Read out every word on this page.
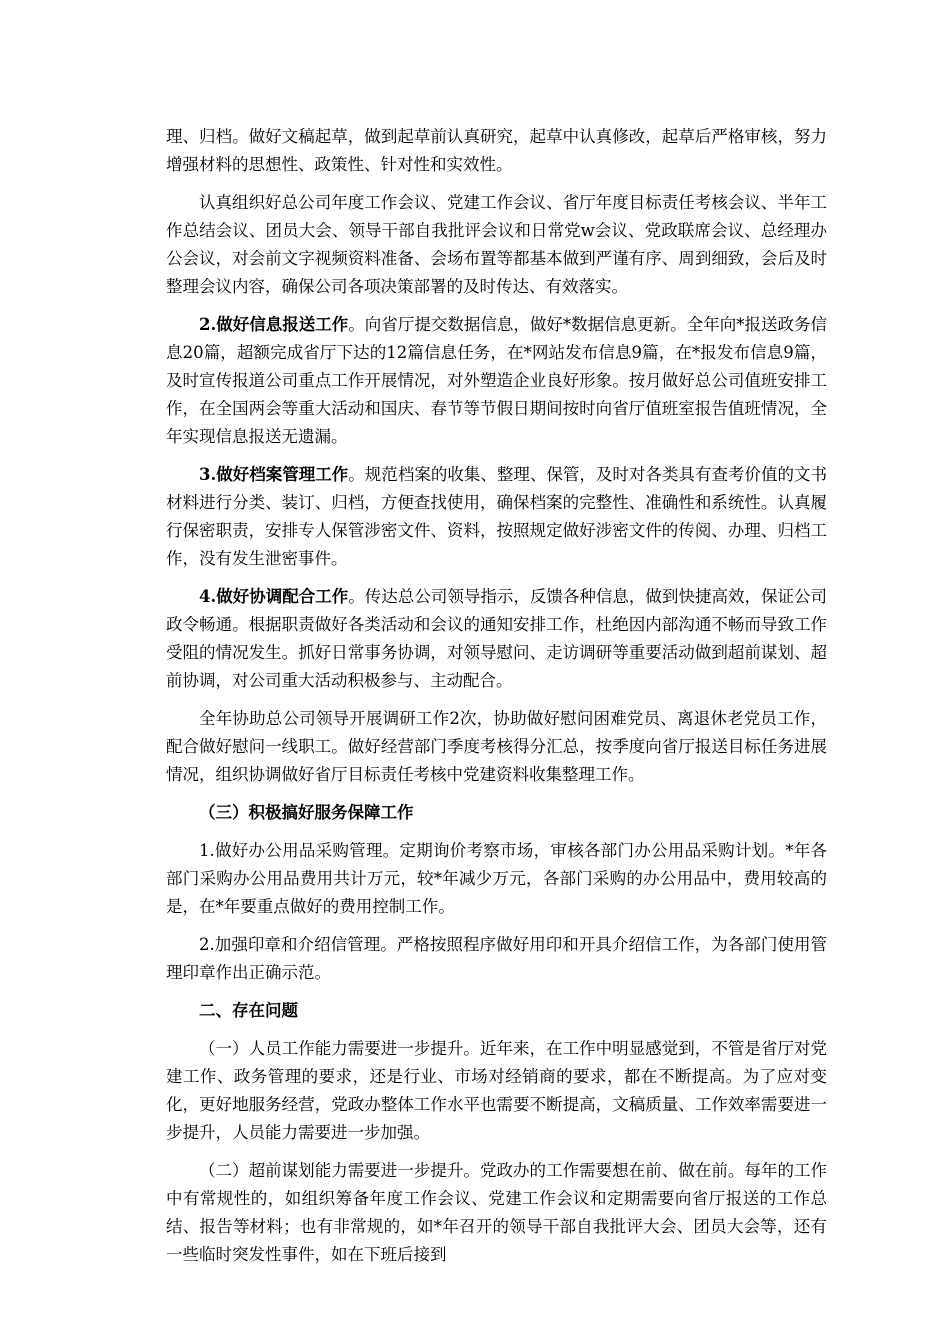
理、归档。做好文稿起草，做到起草前认真研究，起草中认真修改，起草后严格审核，努力增强材料的思想性、政策性、针对性和实效性。

认真组织好总公司年度工作会议、党建工作会议、省厅年度目标责任考核会议、半年工作总结会议、团员大会、领导干部自我批评会议和日常党w会议、党政联席会议、总经理办公会议，对会前文字视频资料准备、会场布置等都基本做到严谨有序、周到细致，会后及时整理会议内容，确保公司各项决策部署的及时传达、有效落实。

2.做好信息报送工作。向省厅提交数据信息，做好*数据信息更新。全年向*报送政务信息20篇，超额完成省厅下达的12篇信息任务，在*网站发布信息9篇，在*报发布信息9篇，及时宣传报道公司重点工作开展情况，对外塑造企业良好形象。按月做好总公司值班安排工作，在全国两会等重大活动和国庆、春节等节假日期间按时向省厅值班室报告值班情况，全年实现信息报送无遗漏。

3.做好档案管理工作。规范档案的收集、整理、保管，及时对各类具有查考价值的文书材料进行分类、装订、归档，方便查找使用，确保档案的完整性、准确性和系统性。认真履行保密职责，安排专人保管涉密文件、资料，按照规定做好涉密文件的传阅、办理、归档工作，没有发生泄密事件。

4.做好协调配合工作。传达总公司领导指示，反馈各种信息，做到快捷高效，保证公司政令畅通。根据职责做好各类活动和会议的通知安排工作，杜绝因内部沟通不畅而导致工作受阻的情况发生。抓好日常事务协调，对领导慰问、走访调研等重要活动做到超前谋划、超前协调，对公司重大活动积极参与、主动配合。

全年协助总公司领导开展调研工作2次，协助做好慰问困难党员、离退休老党员工作，配合做好慰问一线职工。做好经营部门季度考核得分汇总，按季度向省厅报送目标任务进展情况，组织协调做好省厅目标责任考核中党建资料收集整理工作。

（三）积极搞好服务保障工作

1.做好办公用品采购管理。定期询价考察市场，审核各部门办公用品采购计划。*年各部门采购办公用品费用共计万元，较*年减少万元，各部门采购的办公用品中，费用较高的是，在*年要重点做好的费用控制工作。

2.加强印章和介绍信管理。严格按照程序做好用印和开具介绍信工作，为各部门使用管理印章作出正确示范。

二、存在问题

（一）人员工作能力需要进一步提升。近年来，在工作中明显感觉到，不管是省厅对党建工作、政务管理的要求，还是行业、市场对经销商的要求，都在不断提高。为了应对变化，更好地服务经营，党政办整体工作水平也需要不断提高，文稿质量、工作效率需要进一步提升，人员能力需要进一步加强。

（二）超前谋划能力需要进一步提升。党政办的工作需要想在前、做在前。每年的工作中有常规性的，如组织筹备年度工作会议、党建工作会议和定期需要向省厅报送的工作总结、报告等材料；也有非常规的，如*年召开的领导干部自我批评大会、团员大会等，还有一些临时突发性事件，如在下班后接到
